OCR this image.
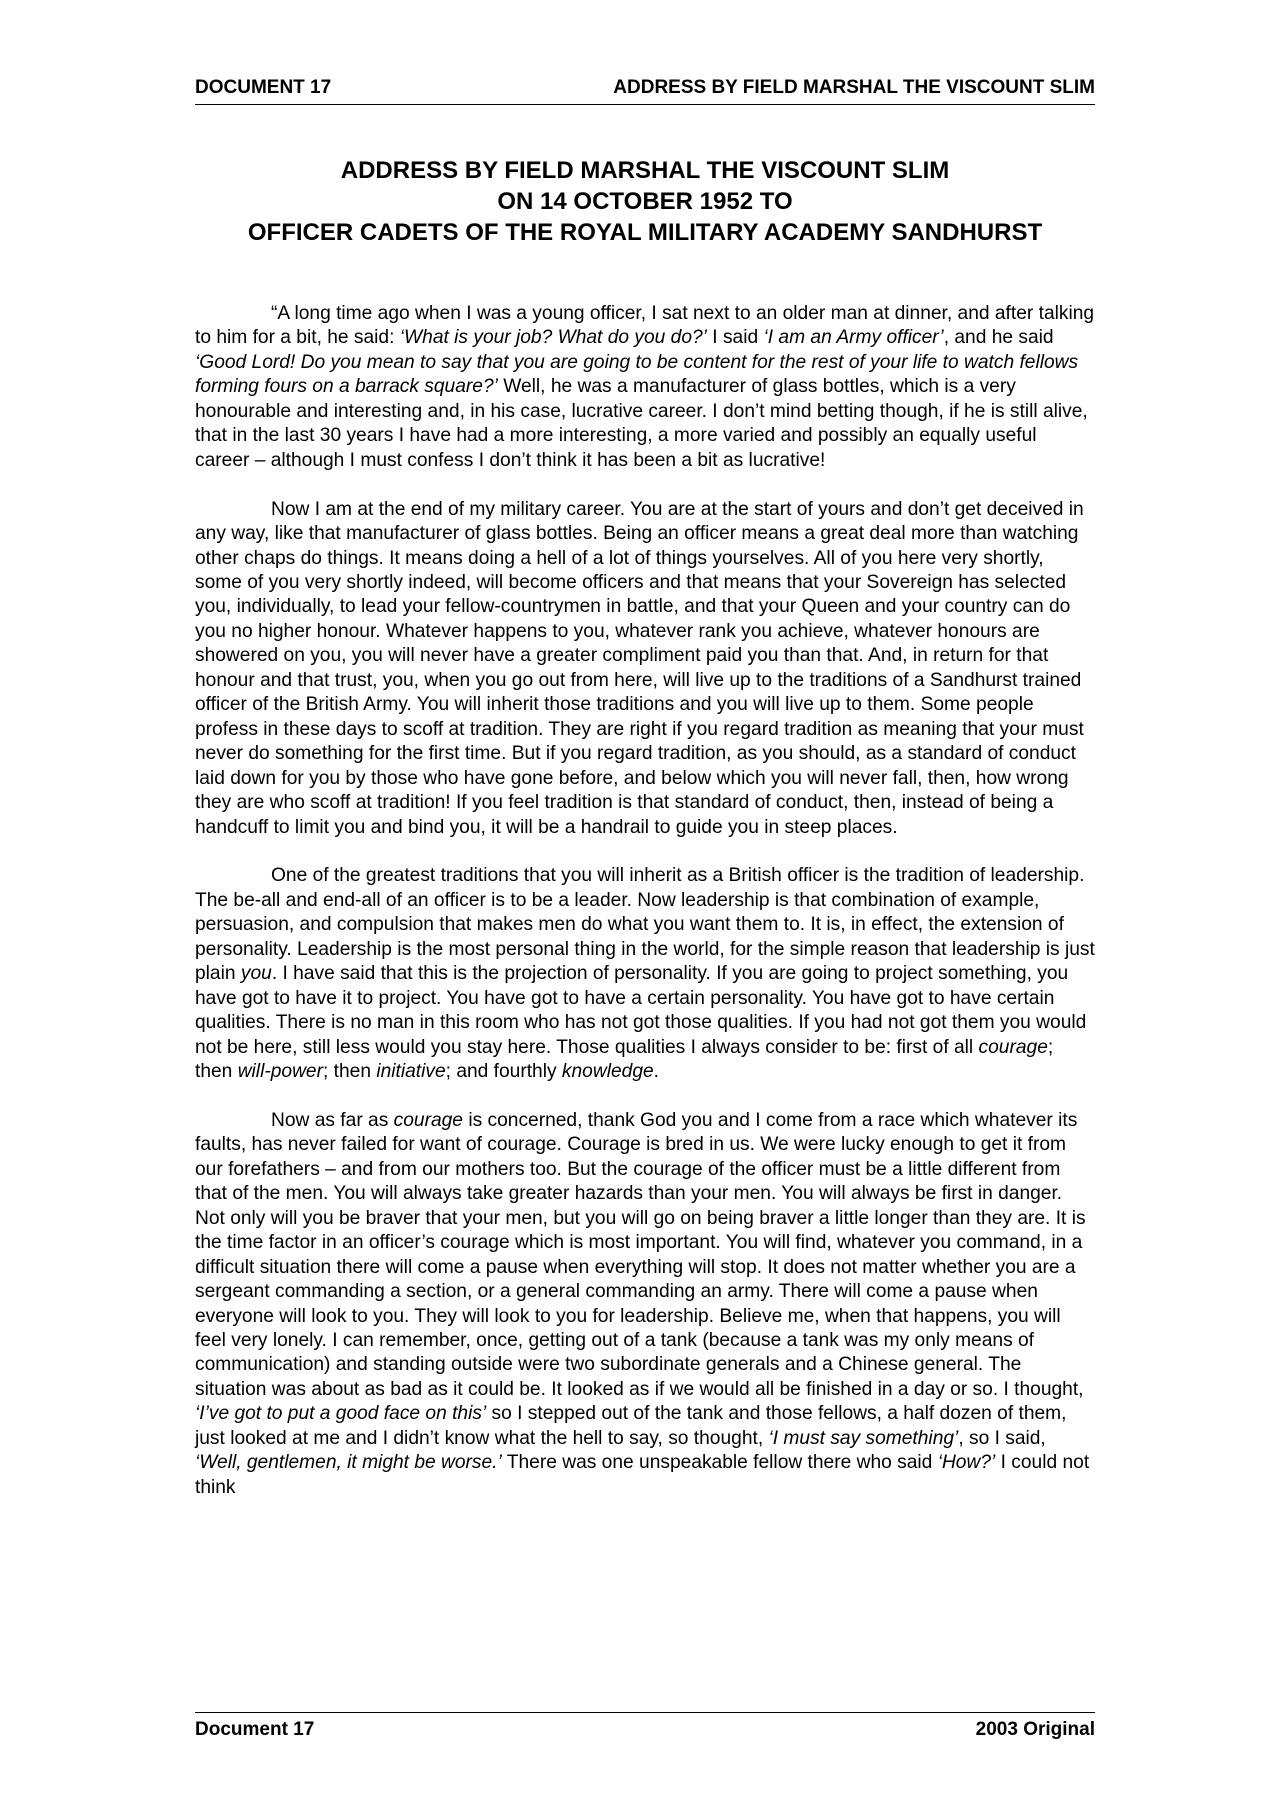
DOCUMENT 17	ADDRESS BY FIELD MARSHAL THE VISCOUNT SLIM
ADDRESS BY FIELD MARSHAL THE VISCOUNT SLIM
ON 14 OCTOBER 1952 TO
OFFICER CADETS OF THE ROYAL MILITARY ACADEMY SANDHURST

“A long time ago when I was a young officer, I sat next to an older man at dinner, and after talking to him for a bit, he said: ‘What is your job? What do you do?’ I said ‘I am an Army officer’, and he said ‘Good Lord! Do you mean to say that you are going to be content for the rest of your life to watch fellows forming fours on a barrack square?’ Well, he was a manufacturer of glass bottles, which is a very honourable and interesting and, in his case, lucrative career. I don’t mind betting though, if he is still alive, that in the last 30 years I have had a more interesting, a more varied and possibly an equally useful career – although I must confess I don’t think it has been a bit as lucrative!

Now I am at the end of my military career. You are at the start of yours and don’t get deceived in any way, like that manufacturer of glass bottles. Being an officer means a great deal more than watching other chaps do things. It means doing a hell of a lot of things yourselves. All of you here very shortly, some of you very shortly indeed, will become officers and that means that your Sovereign has selected you, individually, to lead your fellow-countrymen in battle, and that your Queen and your country can do you no higher honour. Whatever happens to you, whatever rank you achieve, whatever honours are showered on you, you will never have a greater compliment paid you than that. And, in return for that honour and that trust, you, when you go out from here, will live up to the traditions of a Sandhurst trained officer of the British Army. You will inherit those traditions and you will live up to them. Some people profess in these days to scoff at tradition. They are right if you regard tradition as meaning that your must never do something for the first time. But if you regard tradition, as you should, as a standard of conduct laid down for you by those who have gone before, and below which you will never fall, then, how wrong they are who scoff at tradition! If you feel tradition is that standard of conduct, then, instead of being a handcuff to limit you and bind you, it will be a handrail to guide you in steep places.

One of the greatest traditions that you will inherit as a British officer is the tradition of leadership. The be-all and end-all of an officer is to be a leader. Now leadership is that combination of example, persuasion, and compulsion that makes men do what you want them to. It is, in effect, the extension of personality. Leadership is the most personal thing in the world, for the simple reason that leadership is just plain you. I have said that this is the projection of personality. If you are going to project something, you have got to have it to project. You have got to have a certain personality. You have got to have certain qualities. There is no man in this room who has not got those qualities. If you had not got them you would not be here, still less would you stay here. Those qualities I always consider to be: first of all courage; then will-power; then initiative; and fourthly knowledge.

Now as far as courage is concerned, thank God you and I come from a race which whatever its faults, has never failed for want of courage. Courage is bred in us. We were lucky enough to get it from our forefathers – and from our mothers too. But the courage of the officer must be a little different from that of the men. You will always take greater hazards than your men. You will always be first in danger. Not only will you be braver that your men, but you will go on being braver a little longer than they are. It is the time factor in an officer’s courage which is most important. You will find, whatever you command, in a difficult situation there will come a pause when everything will stop. It does not matter whether you are a sergeant commanding a section, or a general commanding an army. There will come a pause when everyone will look to you. They will look to you for leadership. Believe me, when that happens, you will feel very lonely. I can remember, once, getting out of a tank (because a tank was my only means of communication) and standing outside were two subordinate generals and a Chinese general. The situation was about as bad as it could be. It looked as if we would all be finished in a day or so. I thought, ‘I’ve got to put a good face on this’ so I stepped out of the tank and those fellows, a half dozen of them, just looked at me and I didn’t know what the hell to say, so thought, ‘I must say something’, so I said, ‘Well, gentlemen, it might be worse.’ There was one unspeakable fellow there who said ‘How?’ I could not think

Document 17	2003 Original
